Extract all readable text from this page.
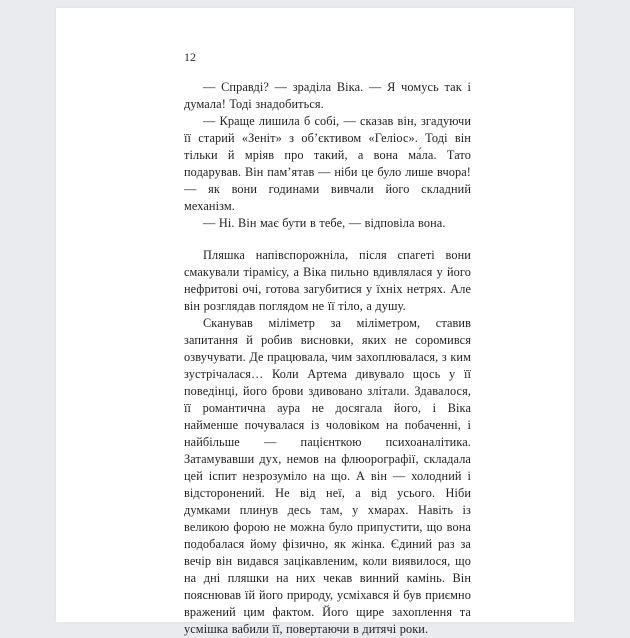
12

— Справді? — зраділа Віка. — Я чомусь так і думала! Тоді знадобиться.

— Краще лишила б собі, — сказав він, згадуючи її старий «Зеніт» з об’єктивом «Геліос». Тоді він тільки й мріяв про такий, а вона ма́ла. Тато подарував. Він пам’ятав — ніби це було лише вчора! — як вони годинами вивчали його складний механізм.

— Ні. Він має бути в тебе, — відповіла вона.

Пляшка напівспорожніла, після спагеті вони смакували тірамісу, а Віка пильно вдивлялася у його нефритові очі, готова загубитися у їхніх нетрях. Але він розглядав поглядом не її тіло, а душу.

Сканував міліметр за міліметром, ставив запитання й робив висновки, яких не соромився озвучувати. Де працювала, чим захоплювалася, з ким зустрічалася… Коли Артема дивувало щось у її поведінці, його брови здивовано злітали. Здавалося, її романтична аура не досягала його, і Віка найменше почувалася із чоловіком на побаченні, і найбільше — пацієнткою психоаналітика. Затамувавши дух, немов на флюорографії, складала цей іспит незрозуміло на що. А він — холодний і відсторонений. Не від неї, а від усього. Ніби думками плинув десь там, у хмарах. Навіть із великою форою не можна було припустити, що вона подобалася йому фізично, як жінка. Єдиний раз за вечір він видався зацікавленим, коли виявилося, що на дні пляшки на них чекав винний камінь. Він пояснював їй його природу, усміхався й був приємно вражений цим фактом. Його щире захоплення та усмішка вабили її, повертаючи в дитячі роки.
